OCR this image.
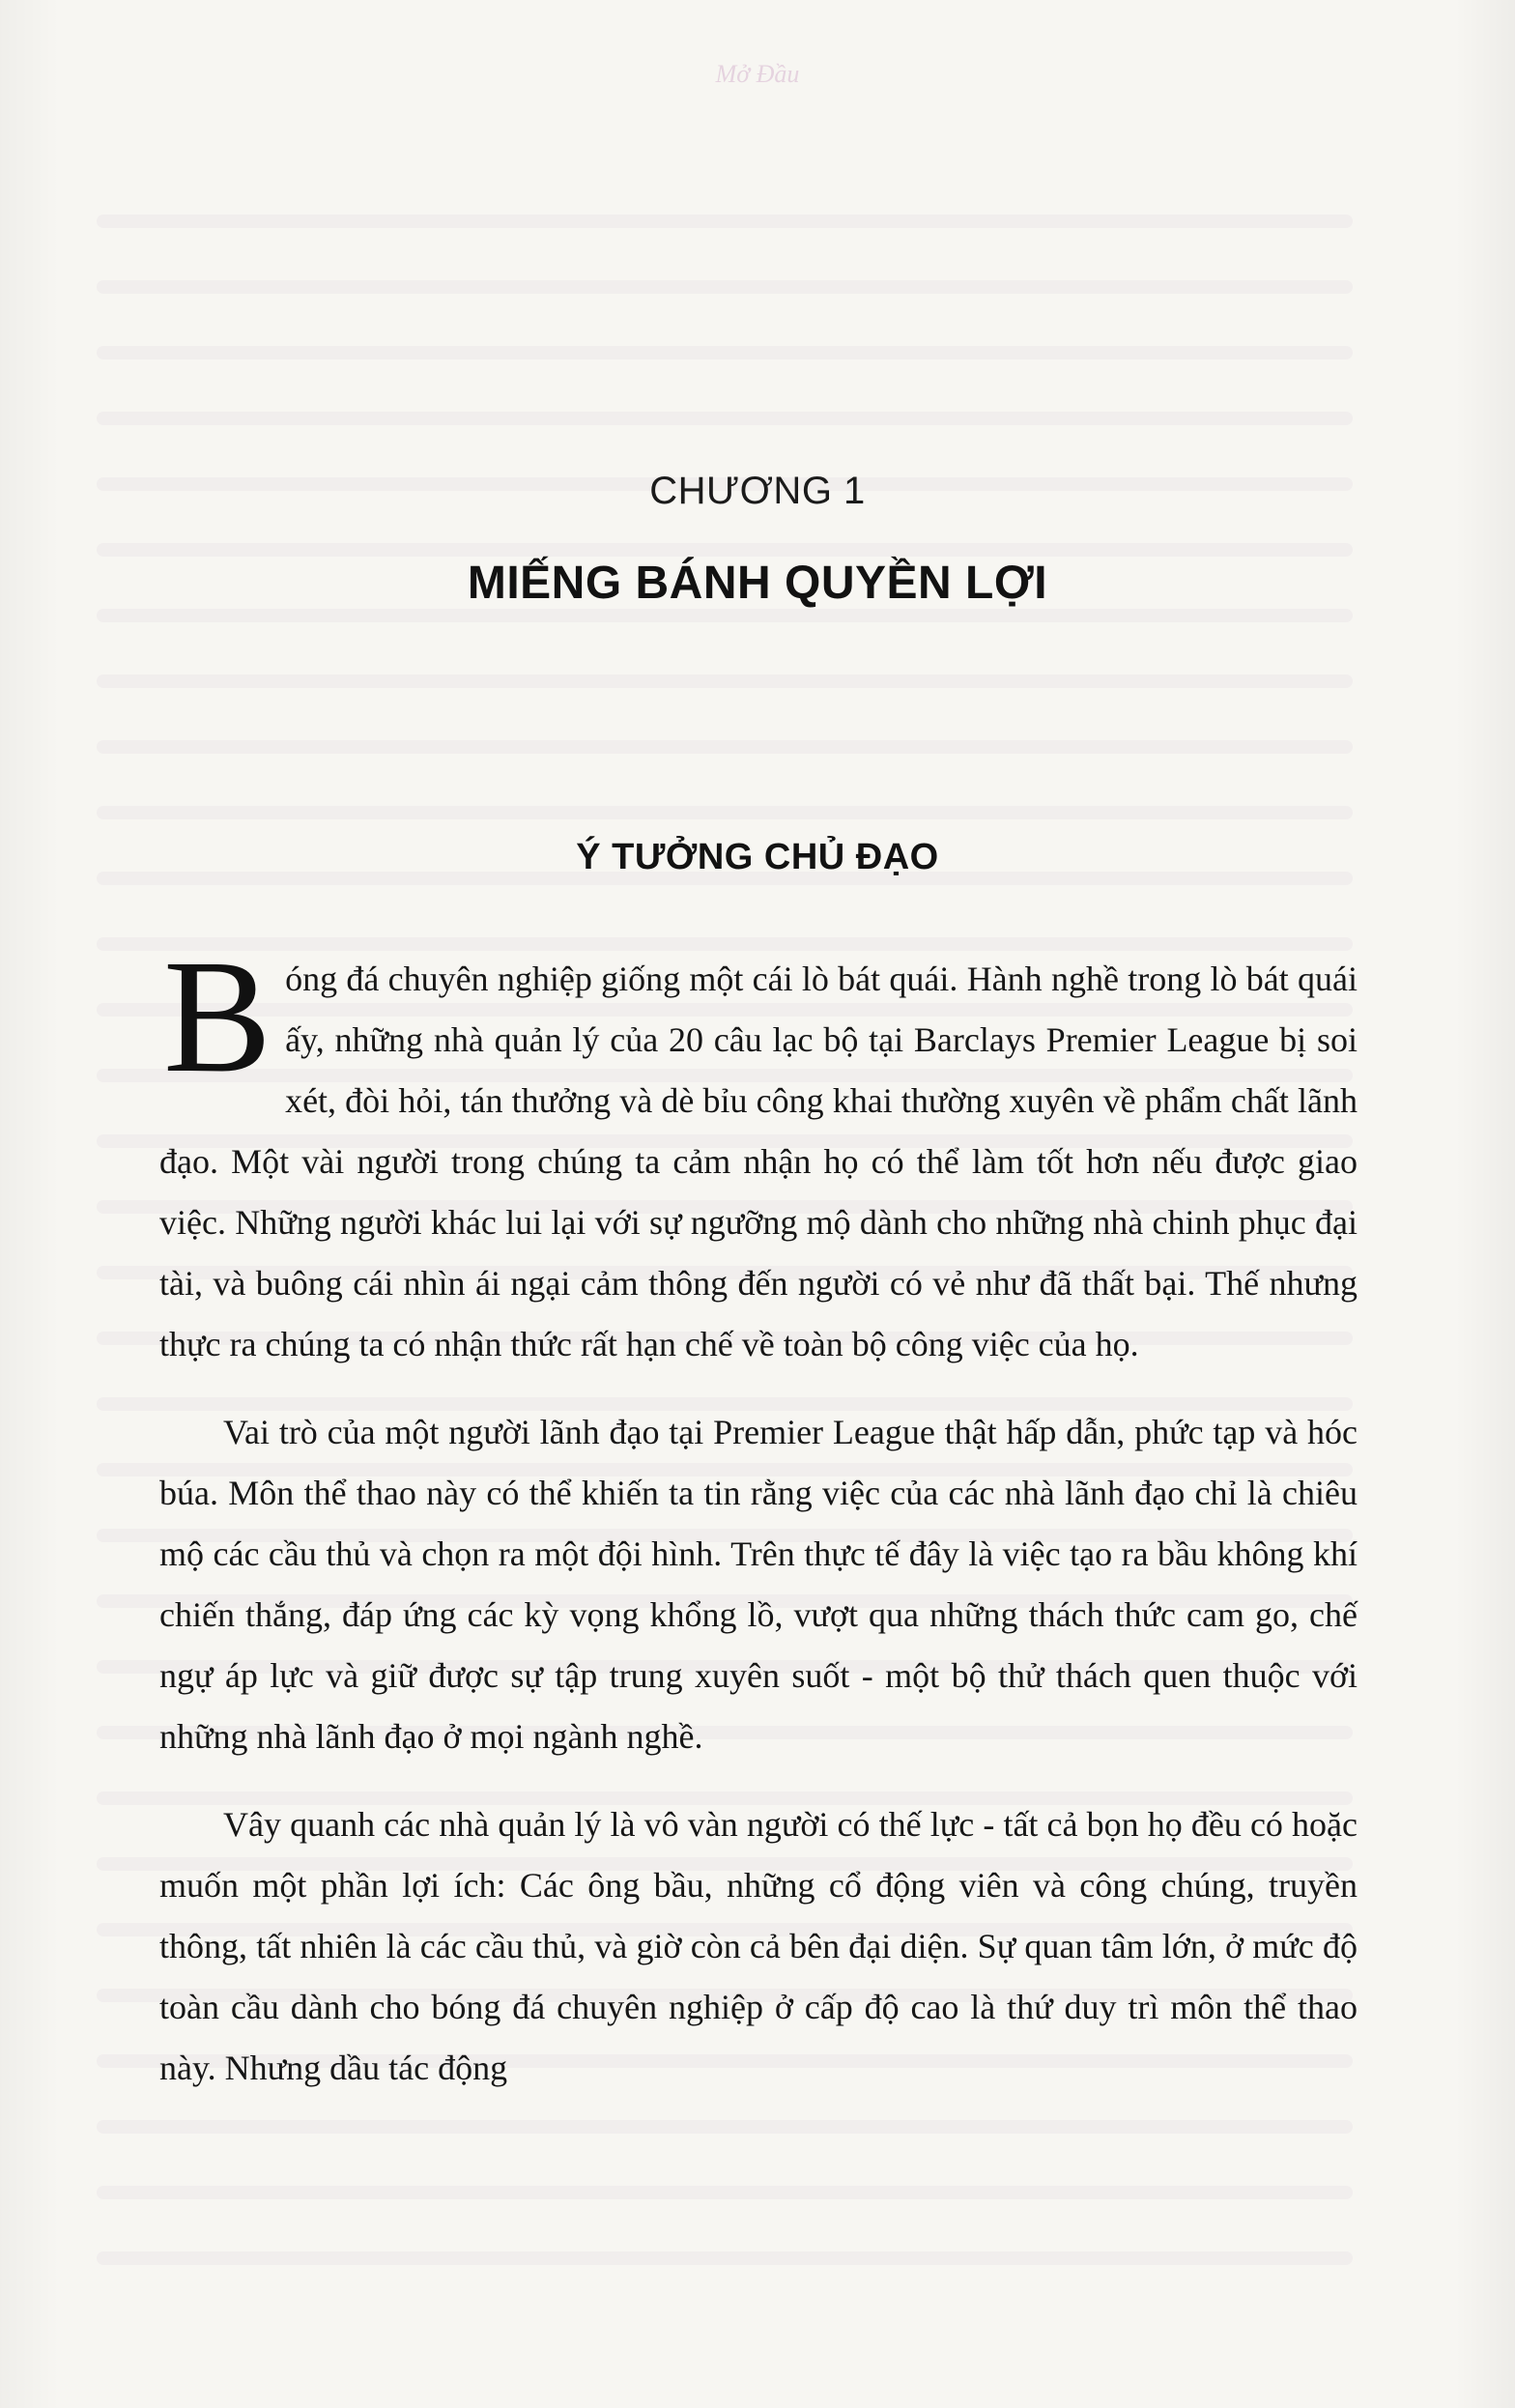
Mở Đầu
CHƯƠNG 1
MIẾNG BÁNH QUYỀN LỢI
Ý TƯỞNG CHỦ ĐẠO

Bóng đá chuyên nghiệp giống một cái lò bát quái. Hành nghề trong lò bát quái ấy, những nhà quản lý của 20 câu lạc bộ tại Barclays Premier League bị soi xét, đòi hỏi, tán thưởng và dè bỉu công khai thường xuyên về phẩm chất lãnh đạo. Một vài người trong chúng ta cảm nhận họ có thể làm tốt hơn nếu được giao việc. Những người khác lui lại với sự ngưỡng mộ dành cho những nhà chinh phục đại tài, và buông cái nhìn ái ngại cảm thông đến người có vẻ như đã thất bại. Thế nhưng thực ra chúng ta có nhận thức rất hạn chế về toàn bộ công việc của họ.

Vai trò của một người lãnh đạo tại Premier League thật hấp dẫn, phức tạp và hóc búa. Môn thể thao này có thể khiến ta tin rằng việc của các nhà lãnh đạo chỉ là chiêu mộ các cầu thủ và chọn ra một đội hình. Trên thực tế đây là việc tạo ra bầu không khí chiến thắng, đáp ứng các kỳ vọng khổng lồ, vượt qua những thách thức cam go, chế ngự áp lực và giữ được sự tập trung xuyên suốt - một bộ thử thách quen thuộc với những nhà lãnh đạo ở mọi ngành nghề.

Vây quanh các nhà quản lý là vô vàn người có thế lực - tất cả bọn họ đều có hoặc muốn một phần lợi ích: Các ông bầu, những cổ động viên và công chúng, truyền thông, tất nhiên là các cầu thủ, và giờ còn cả bên đại diện. Sự quan tâm lớn, ở mức độ toàn cầu dành cho bóng đá chuyên nghiệp ở cấp độ cao là thứ duy trì môn thể thao này. Nhưng dầu tác động
